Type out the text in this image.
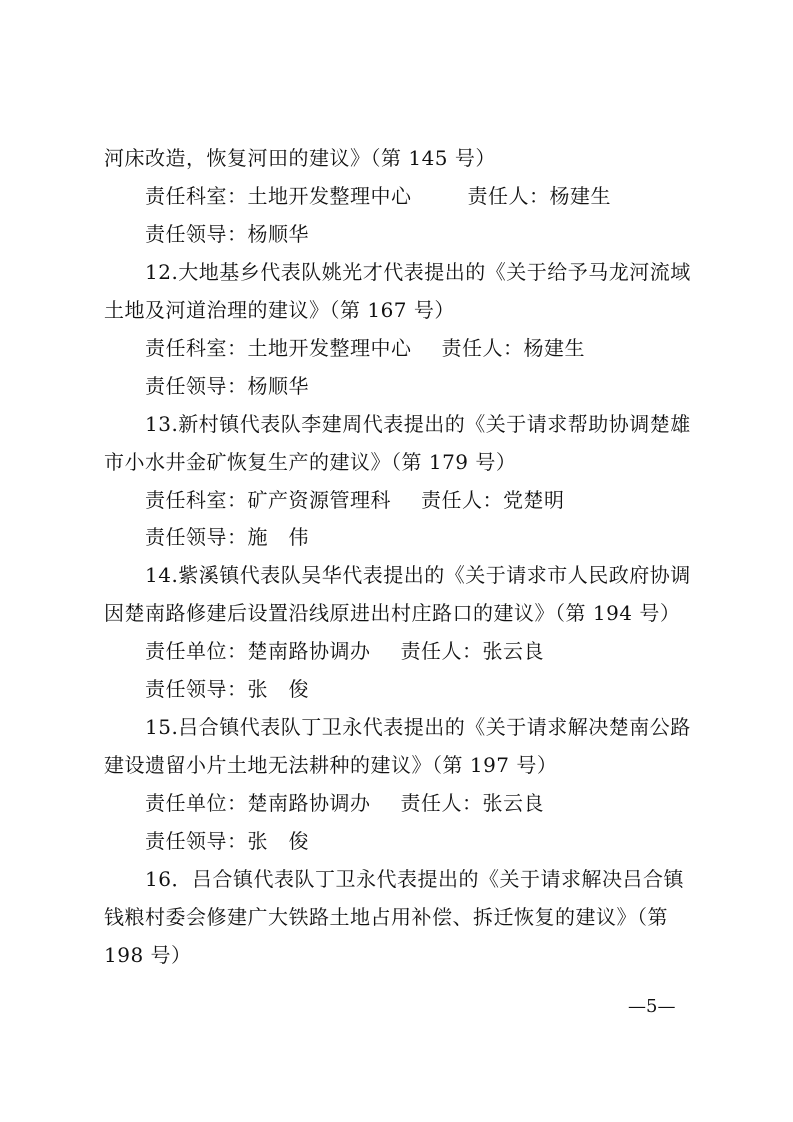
河床改造，恢复河田的建议》（第 145 号）
责任科室：土地开发整理中心	责任人：杨建生
责任领导：杨顺华
12.大地基乡代表队姚光才代表提出的《关于给予马龙河流域
土地及河道治理的建议》（第 167 号）
责任科室：土地开发整理中心 责任人：杨建生
责任领导：杨顺华
13.新村镇代表队李建周代表提出的《关于请求帮助协调楚雄
市小水井金矿恢复生产的建议》（第 179 号）
责任科室：矿产资源管理科 责任人：党楚明
责任领导：施　伟
14.紫溪镇代表队吴华代表提出的《关于请求市人民政府协调
因楚南路修建后设置沿线原进出村庄路口的建议》（第 194 号）
责任单位：楚南路协调办 责任人：张云良
责任领导：张　俊
15.吕合镇代表队丁卫永代表提出的《关于请求解决楚南公路
建设遗留小片土地无法耕种的建议》（第 197 号）
责任单位：楚南路协调办 责任人：张云良
责任领导：张　俊
16．吕合镇代表队丁卫永代表提出的《关于请求解决吕合镇
钱粮村委会修建广大铁路土地占用补偿、拆迁恢复的建议》（第
198 号）
—5—
